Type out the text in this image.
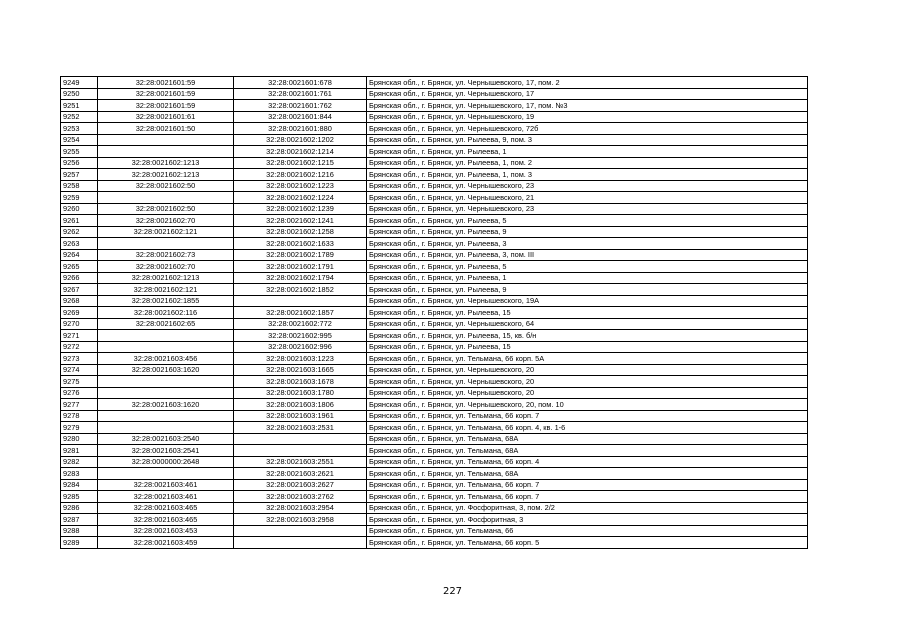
9249	32:28:0021601:59	32:28:0021601:678	Брянская обл., г. Брянск, ул. Чернышевского, 17, пом. 2
9250	32:28:0021601:59	32:28:0021601:761	Брянская обл., г. Брянск, ул. Чернышевского, 17
9251	32:28:0021601:59	32:28:0021601:762	Брянская обл., г. Брянск, ул. Чернышевского, 17, пом. №3
9252	32:28:0021601:61	32:28:0021601:844	Брянская обл., г. Брянск, ул. Чернышевского, 19
9253	32:28:0021601:50	32:28:0021601:880	Брянская обл., г. Брянск, ул. Чернышевского, 72б
9254		32:28:0021602:1202	Брянская обл., г. Брянск, ул. Рылеева, 9, пом. 3
9255		32:28:0021602:1214	Брянская обл., г. Брянск, ул. Рылеева, 1
9256	32:28:0021602:1213	32:28:0021602:1215	Брянская обл., г. Брянск, ул. Рылеева, 1, пом. 2
9257	32:28:0021602:1213	32:28:0021602:1216	Брянская обл., г. Брянск, ул. Рылеева, 1, пом. 3
9258	32:28:0021602:50	32:28:0021602:1223	Брянская обл., г. Брянск, ул. Чернышевского, 23
9259		32:28:0021602:1224	Брянская обл., г. Брянск, ул. Чернышевского, 21
9260	32:28:0021602:50	32:28:0021602:1239	Брянская обл., г. Брянск, ул. Чернышевского, 23
9261	32:28:0021602:70	32:28:0021602:1241	Брянская обл., г. Брянск, ул. Рылеева, 5
9262	32:28:0021602:121	32:28:0021602:1258	Брянская обл., г. Брянск, ул. Рылеева, 9
9263		32:28:0021602:1633	Брянская обл., г. Брянск, ул. Рылеева, 3
9264	32:28:0021602:73	32:28:0021602:1789	Брянская обл., г. Брянск, ул. Рылеева, 3, пом. III
9265	32:28:0021602:70	32:28:0021602:1791	Брянская обл., г. Брянск, ул. Рылеева, 5
9266	32:28:0021602:1213	32:28:0021602:1794	Брянская обл., г. Брянск, ул. Рылеева, 1
9267	32:28:0021602:121	32:28:0021602:1852	Брянская обл., г. Брянск, ул. Рылеева, 9
9268	32:28:0021602:1855		Брянская обл., г. Брянск, ул. Чернышевского, 19А
9269	32:28:0021602:116	32:28:0021602:1857	Брянская обл., г. Брянск, ул. Рылеева, 15
9270	32:28:0021602:65	32:28:0021602:772	Брянская обл., г. Брянск, ул. Чернышевского, 64
9271		32:28:0021602:995	Брянская обл., г. Брянск, ул. Рылеева, 15, кв. б/н
9272		32:28:0021602:996	Брянская обл., г. Брянск, ул. Рылеева, 15
9273	32:28:0021603:456	32:28:0021603:1223	Брянская обл., г. Брянск, ул. Тельмана, 66 корп. 5А
9274	32:28:0021603:1620	32:28:0021603:1665	Брянская обл., г. Брянск, ул. Чернышевского, 20
9275		32:28:0021603:1678	Брянская обл., г. Брянск, ул. Чернышевского, 20
9276		32:28:0021603:1780	Брянская обл., г. Брянск, ул. Чернышевского, 20
9277	32:28:0021603:1620	32:28:0021603:1806	Брянская обл., г. Брянск, ул. Чернышевского, 20, пом. 10
9278		32:28:0021603:1961	Брянская обл., г. Брянск, ул. Тельмана, 66 корп. 7
9279		32:28:0021603:2531	Брянская обл., г. Брянск, ул. Тельмана, 66 корп. 4, кв. 1-6
9280	32:28:0021603:2540		Брянская обл., г. Брянск, ул. Тельмана, 68А
9281	32:28:0021603:2541		Брянская обл., г. Брянск, ул. Тельмана, 68А
9282	32:28:0000000:2648	32:28:0021603:2551	Брянская обл., г. Брянск, ул. Тельмана, 66 корп. 4
9283		32:28:0021603:2621	Брянская обл., г. Брянск, ул. Тельмана, 68А
9284	32:28:0021603:461	32:28:0021603:2627	Брянская обл., г. Брянск, ул. Тельмана, 66 корп. 7
9285	32:28:0021603:461	32:28:0021603:2762	Брянская обл., г. Брянск, ул. Тельмана, 66 корп. 7
9286	32:28:0021603:465	32:28:0021603:2954	Брянская обл., г. Брянск, ул. Фосфоритная, 3, пом. 2/2
9287	32:28:0021603:465	32:28:0021603:2958	Брянская обл., г. Брянск, ул. Фосфоритная, 3
9288	32:28:0021603:453		Брянская обл., г. Брянск, ул. Тельмана, 66
9289	32:28:0021603:459		Брянская обл., г. Брянск, ул. Тельмана, 66 корп. 5
227
